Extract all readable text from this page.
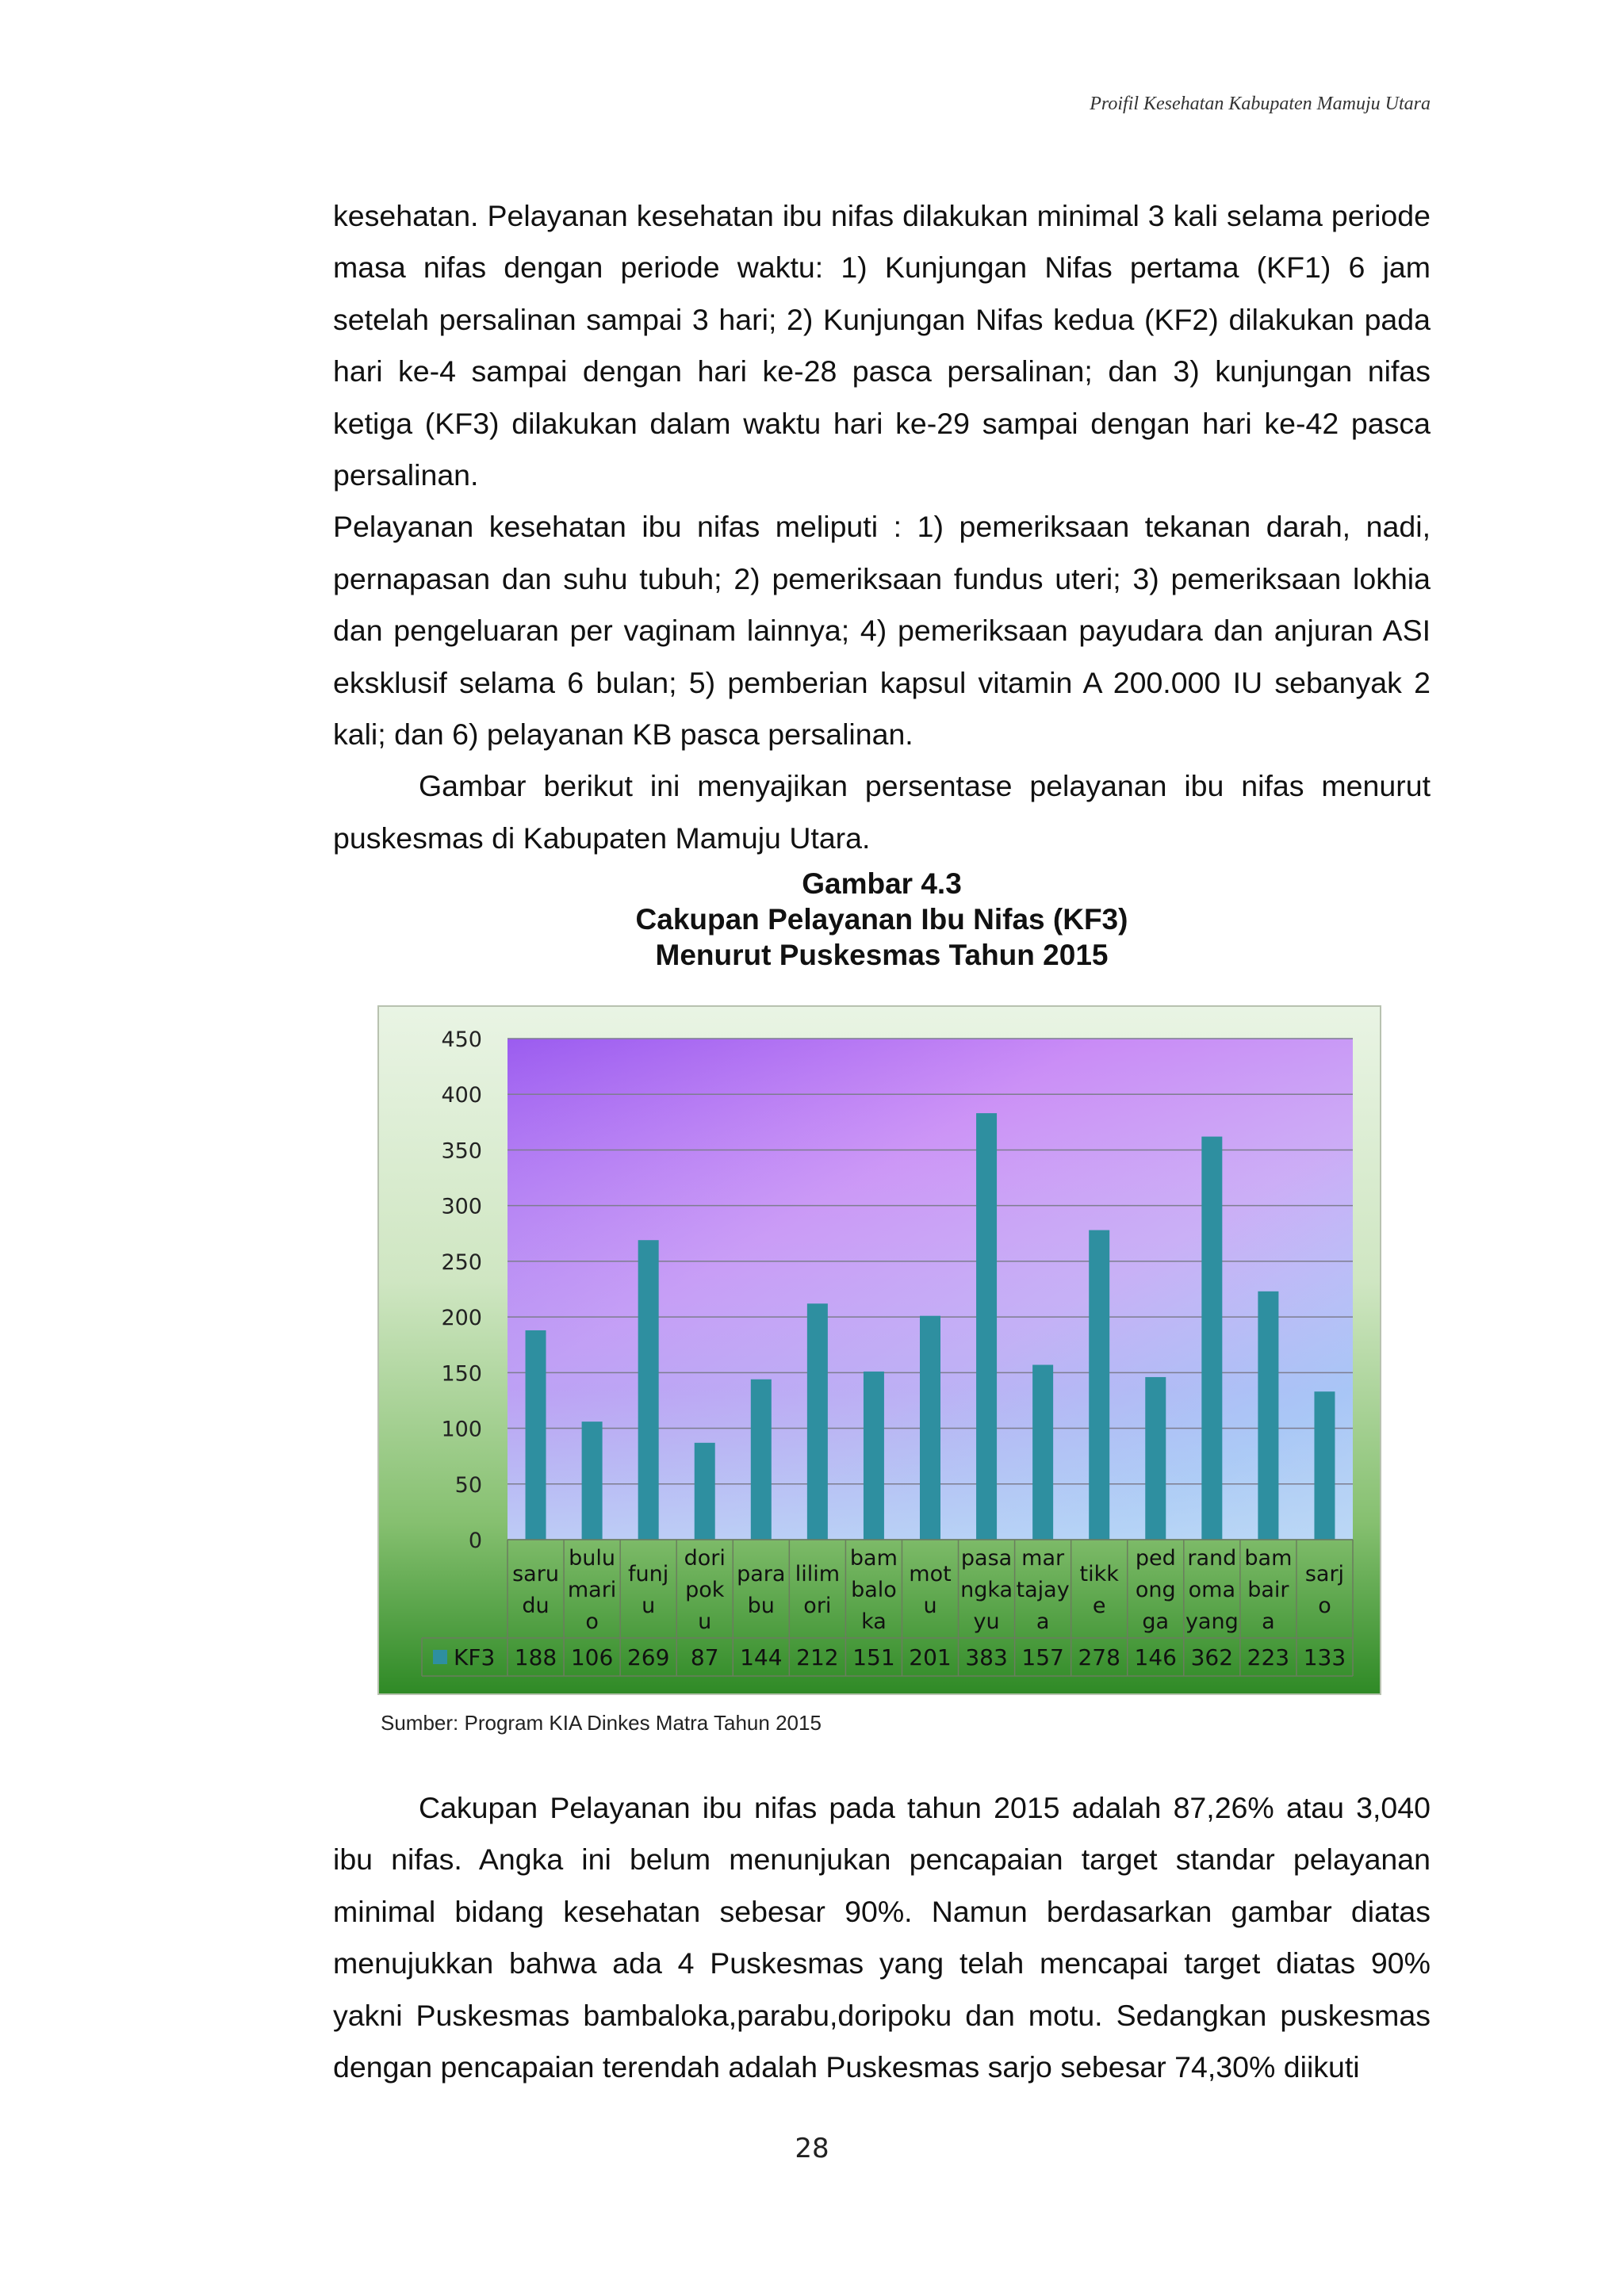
Proifil Kesehatan Kabupaten Mamuju Utara

kesehatan. Pelayanan kesehatan ibu nifas dilakukan minimal 3 kali selama periode masa nifas dengan periode waktu: 1) Kunjungan Nifas pertama (KF1) 6 jam setelah persalinan sampai 3 hari; 2) Kunjungan Nifas kedua (KF2) dilakukan pada hari ke-4 sampai dengan hari ke-28 pasca persalinan; dan 3) kunjungan nifas ketiga (KF3) dilakukan dalam waktu hari ke-29 sampai dengan hari ke-42 pasca persalinan.

Pelayanan kesehatan ibu nifas meliputi : 1) pemeriksaan tekanan darah, nadi, pernapasan dan suhu tubuh; 2) pemeriksaan fundus uteri; 3) pemeriksaan lokhia dan pengeluaran per vaginam lainnya; 4) pemeriksaan payudara dan anjuran ASI eksklusif selama 6 bulan; 5) pemberian kapsul vitamin A 200.000 IU sebanyak 2 kali; dan 6) pelayanan KB pasca persalinan.

Gambar berikut ini menyajikan persentase pelayanan ibu nifas menurut puskesmas di Kabupaten Mamuju Utara.

Gambar 4.3
Cakupan Pelayanan Ibu Nifas (KF3)
Menurut Puskesmas Tahun 2015
0
50
100
150
200
250
300
350
400
450
saru du
bulu mari o
funj u
dori pok u
para bu
lilim ori
bam balo ka
mot u
pasa ngka yu
mar tajay a
tikk e
ped ong ga
rand oma yang
bam bair a
sarj o
KF3 188 106 269 87 144 212 151 201 383 157 278 146 362 223 133
Sumber: Program KIA Dinkes Matra Tahun 2015

Cakupan Pelayanan ibu nifas pada tahun 2015 adalah 87,26% atau 3,040 ibu nifas. Angka ini belum menunjukan pencapaian target standar pelayanan minimal bidang kesehatan sebesar 90%. Namun berdasarkan gambar diatas menujukkan bahwa ada 4 Puskesmas yang telah mencapai target diatas 90% yakni Puskesmas bambaloka,parabu,doripoku dan motu. Sedangkan puskesmas dengan pencapaian terendah adalah Puskesmas sarjo sebesar 74,30% diikuti

28
